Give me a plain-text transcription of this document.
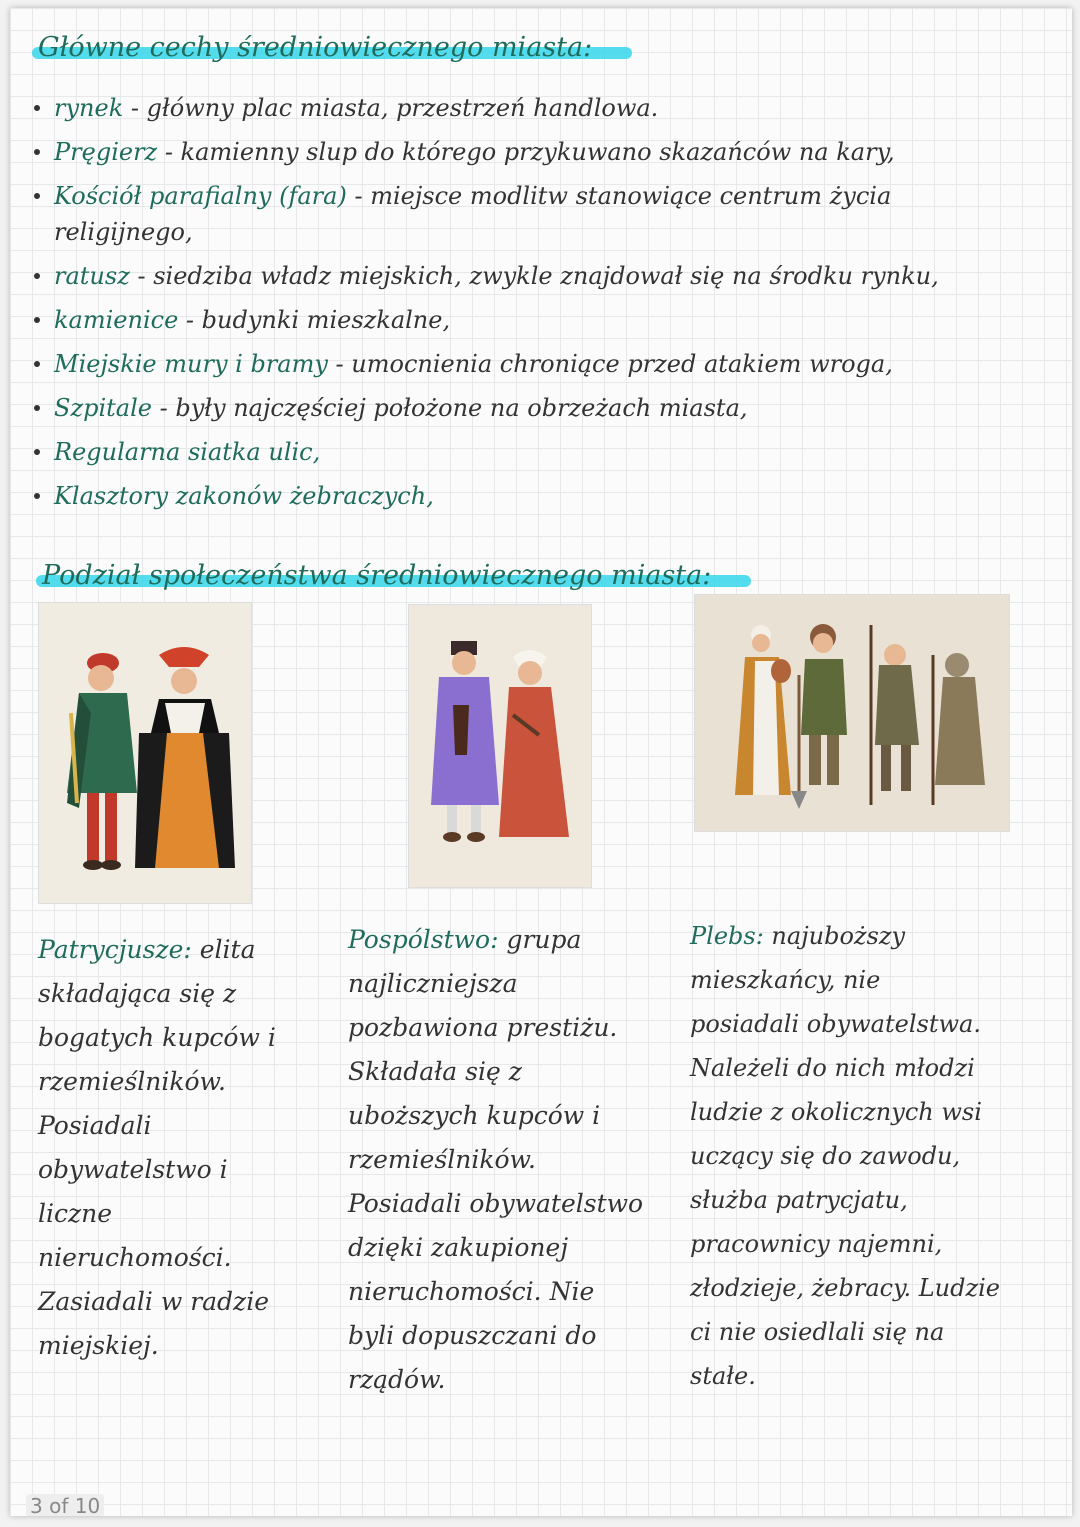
Główne cechy średniowiecznego miasta:
rynek - główny plac miasta, przestrzeń handlowa.
Pręgierz - kamienny slup do którego przykuwano skazańców na kary,
Kościół parafialny (fara) - miejsce modlitw stanowiące centrum życia
religijnego,
ratusz - siedziba władz miejskich, zwykle znajdował się na środku rynku,
kamienice - budynki mieszkalne,
Miejskie mury i bramy - umocnienia chroniące przed atakiem wroga,
Szpitale - były najczęściej położone na obrzeżach miasta,
Regularna siatka ulic,
Klasztory zakonów żebraczych,
Podział społeczeństwa średniowiecznego miasta:
Patrycjusze: elita
składająca się z
bogatych kupców i
rzemieślników.
Posiadali
obywatelstwo i
liczne
nieruchomości.
Zasiadali w radzie
miejskiej.
Pospólstwo: grupa
najliczniejsza
pozbawiona prestiżu.
Składała się z
uboższych kupców i
rzemieślników.
Posiadali obywatelstwo
dzięki zakupionej
nieruchomości. Nie
byli dopuszczani do
rządów.
Plebs: najuboższy
mieszkańcy, nie
posiadali obywatelstwa.
Należeli do nich młodzi
ludzie z okolicznych wsi
uczący się do zawodu,
służba patrycjatu,
pracownicy najemni,
złodzieje, żebracy. Ludzie
ci nie osiedlali się na
stałe.
3 of 10
